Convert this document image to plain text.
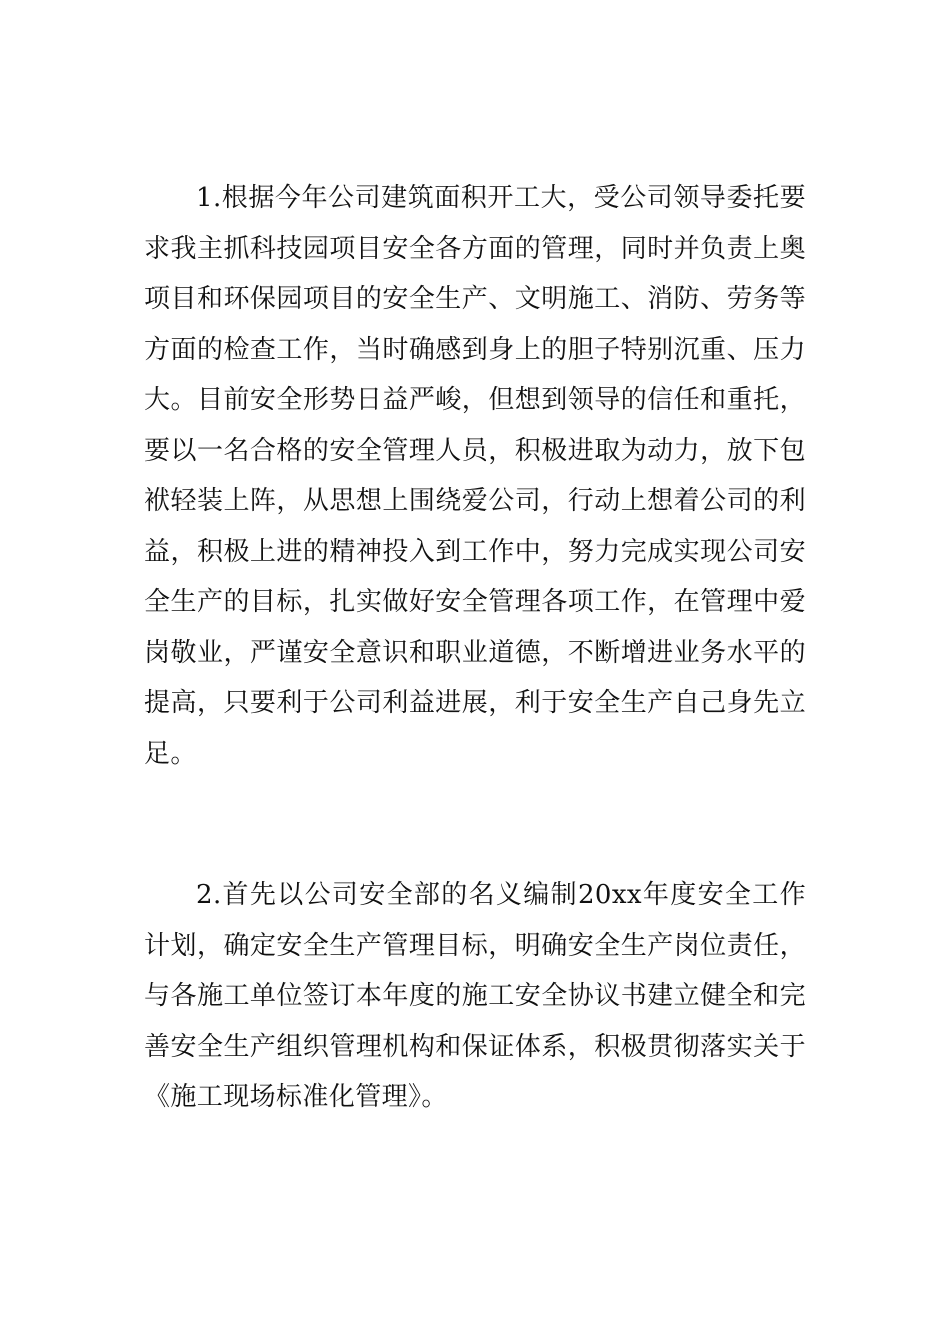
1.根据今年公司建筑面积开工大，受公司领导委托要求我主抓科技园项目安全各方面的管理，同时并负责上奥项目和环保园项目的安全生产、文明施工、消防、劳务等方面的检查工作，当时确感到身上的胆子特别沉重、压力大。目前安全形势日益严峻，但想到领导的信任和重托，要以一名合格的安全管理人员，积极进取为动力，放下包袱轻装上阵，从思想上围绕爱公司，行动上想着公司的利益，积极上进的精神投入到工作中，努力完成实现公司安全生产的目标，扎实做好安全管理各项工作，在管理中爱岗敬业，严谨安全意识和职业道德，不断增进业务水平的提高，只要利于公司利益进展，利于安全生产自己身先立足。

2.首先以公司安全部的名义编制20xx年度安全工作计划，确定安全生产管理目标，明确安全生产岗位责任，与各施工单位签订本年度的施工安全协议书建立健全和完善安全生产组织管理机构和保证体系，积极贯彻落实关于《施工现场标准化管理》。
